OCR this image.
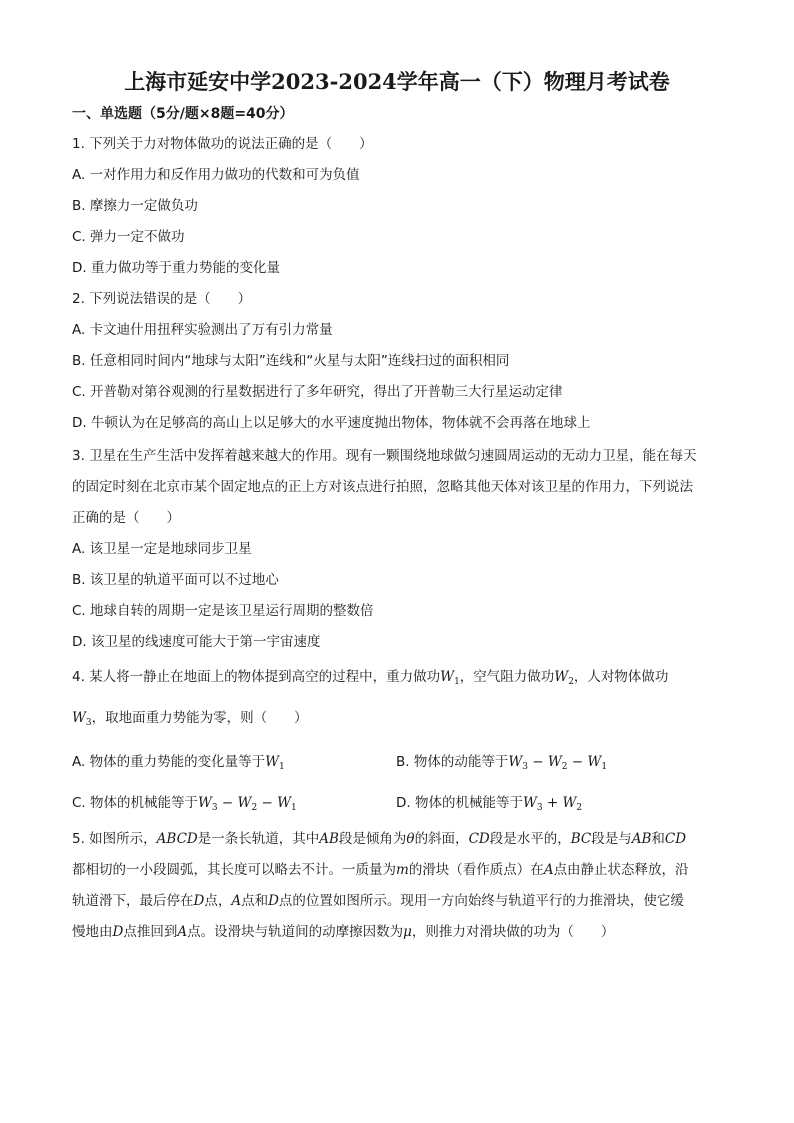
上海市延安中学2023-2024学年高一（下）物理月考试卷
一、单选题（5分/题×8题=40分）
1. 下列关于力对物体做功的说法正确的是（　　）
A. 一对作用力和反作用力做功的代数和可为负值
B. 摩擦力一定做负功
C. 弹力一定不做功
D. 重力做功等于重力势能的变化量
2. 下列说法错误的是（　　）
A. 卡文迪什用扭秤实验测出了万有引力常量
B. 任意相同时间内“地球与太阳”连线和“火星与太阳”连线扫过的面积相同
C. 开普勒对第谷观测的行星数据进行了多年研究，得出了开普勒三大行星运动定律
D. 牛顿认为在足够高的高山上以足够大的水平速度抛出物体，物体就不会再落在地球上
3. 卫星在生产生活中发挥着越来越大的作用。现有一颗围绕地球做匀速圆周运动的无动力卫星，能在每天
的固定时刻在北京市某个固定地点的正上方对该点进行拍照，忽略其他天体对该卫星的作用力，下列说法
正确的是（　　）
A. 该卫星一定是地球同步卫星
B. 该卫星的轨道平面可以不过地心
C. 地球自转的周期一定是该卫星运行周期的整数倍
D. 该卫星的线速度可能大于第一宇宙速度
4. 某人将一静止在地面上的物体提到高空的过程中，重力做功$W_1$，空气阻力做功$W_2$，人对物体做功
$W_3$，取地面重力势能为零，则（　　）
A. 物体的重力势能的变化量等于$W_1$	B. 物体的动能等于$W_3 - W_2 - W_1$
C. 物体的机械能等于$W_3 - W_2 - W_1$	D. 物体的机械能等于$W_3 + W_2$
5. 如图所示，ABCD是一条长轨道，其中AB段是倾角为θ的斜面，CD段是水平的，BC段是与AB和CD
都相切的一小段圆弧，其长度可以略去不计。一质量为m的滑块（看作质点）在A点由静止状态释放，沿
轨道滑下，最后停在D点，A点和D点的位置如图所示。现用一方向始终与轨道平行的力推滑块，使它缓
慢地由D点推回到A点。设滑块与轨道间的动摩擦因数为μ，则推力对滑块做的功为（　　）
